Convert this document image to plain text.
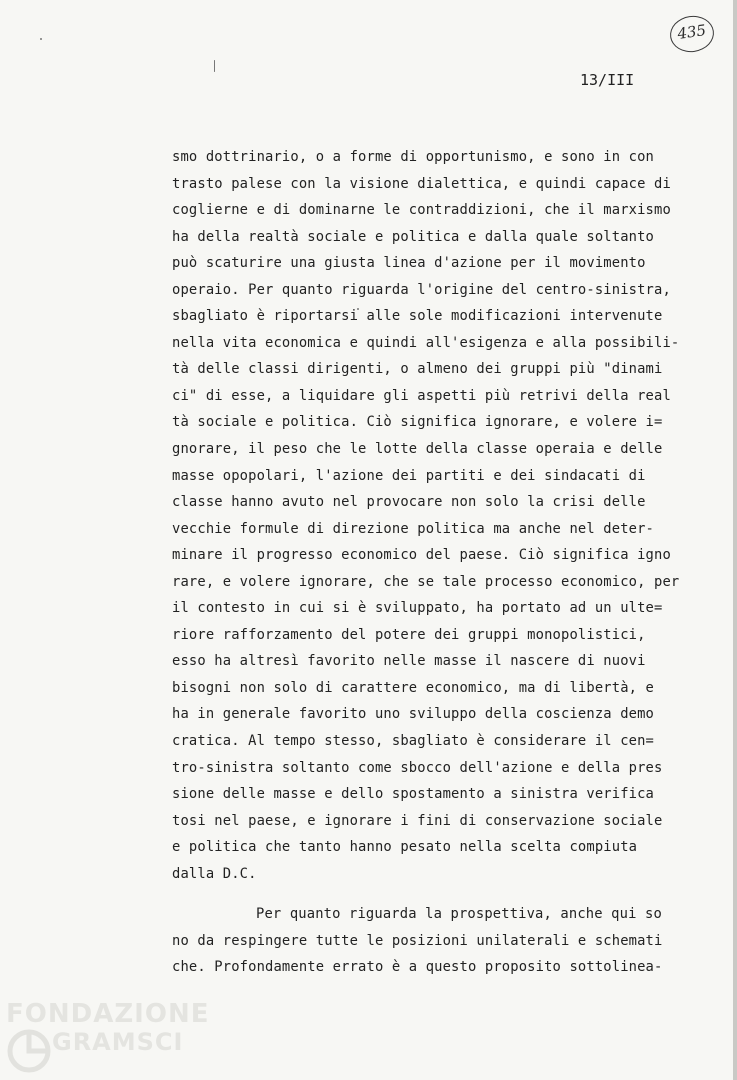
435
13/III
smo dottrinario, o a forme di opportunismo, e sono in con
trasto palese con la visione dialettica, e quindi capace di
coglierne e di dominarne le contraddizioni, che il marxismo
ha della realtà sociale e politica e dalla quale soltanto
può scaturire una giusta linea d'azione per il movimento
operaio. Per quanto riguarda l'origine del centro-sinistra,
sbagliato è riportarsi alle sole modificazioni intervenute
nella vita economica e quindi all'esigenza e alla possibili-
tà delle classi dirigenti, o almeno dei gruppi più "dinami
ci" di esse, a liquidare gli aspetti più retrivi della real
tà sociale e politica. Ciò significa ignorare, e volere i=
gnorare, il peso che le lotte della classe operaia e delle
masse opopolari, l'azione dei partiti e dei sindacati di
classe hanno avuto nel provocare non solo la crisi delle
vecchie formule di direzione politica ma anche nel deter-
minare il progresso economico del paese. Ciò significa igno
rare, e volere ignorare, che se tale processo economico, per
il contesto in cui si è sviluppato, ha portato ad un ulte=
riore rafforzamento del potere dei gruppi monopolistici,
esso ha altresì favorito nelle masse il nascere di nuovi
bisogni non solo di carattere economico, ma di libertà, e
ha in generale favorito uno sviluppo della coscienza demo
cratica. Al tempo stesso, sbagliato è considerare il cen=
tro-sinistra soltanto come sbocco dell'azione e della pres
sione delle masse e dello spostamento a sinistra verifica
tosi nel paese, e ignorare i fini di conservazione sociale
e politica che tanto hanno pesato nella scelta compiuta
dalla D.C.
Per quanto riguarda la prospettiva, anche qui so
no da respingere tutte le posizioni unilaterali e schemati
che. Profondamente errato è a questo proposito sottolinea-
FONDAZIONE
GRAMSCI
